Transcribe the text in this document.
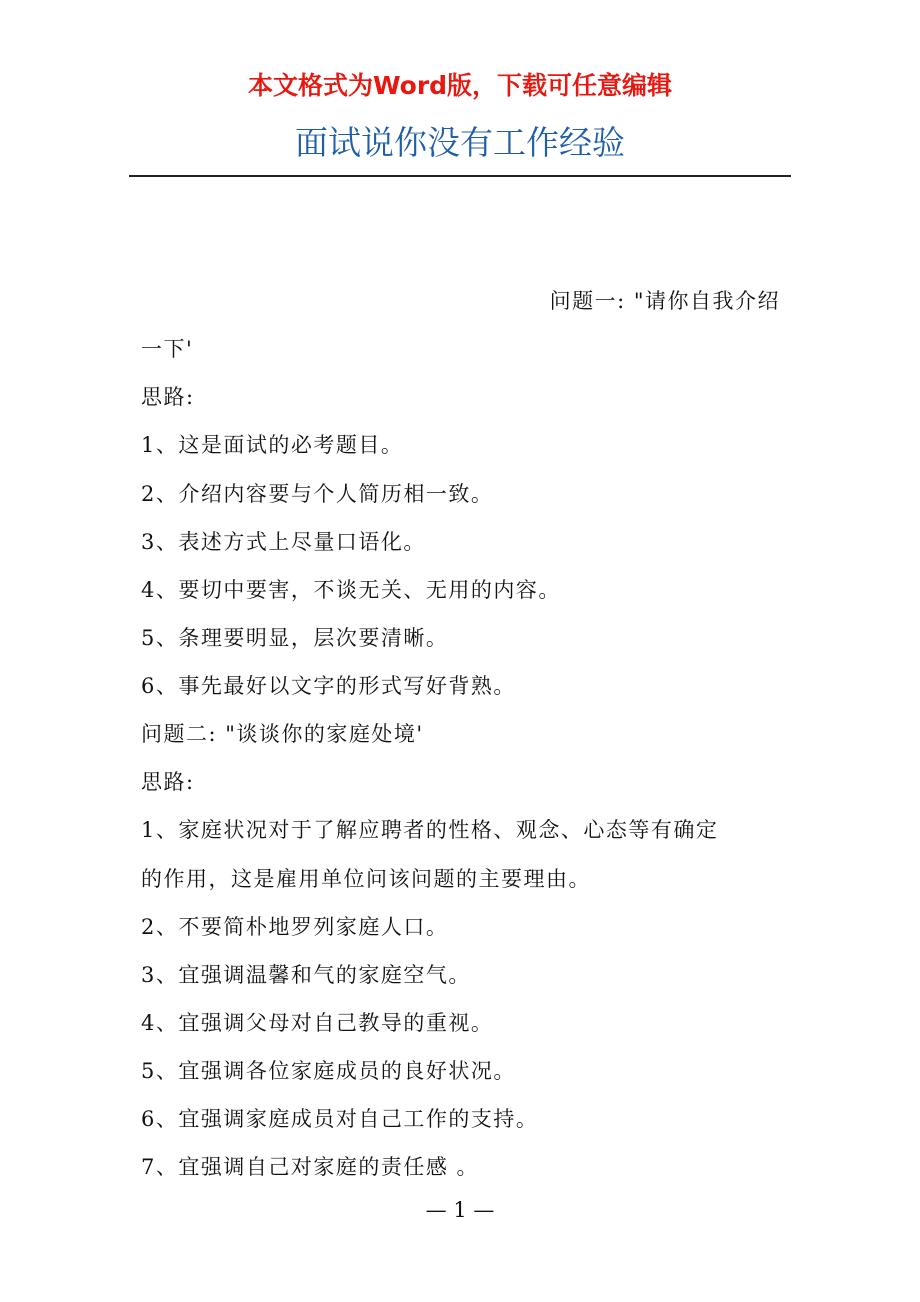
本文格式为Word版，下载可任意编辑
面试说你没有工作经验
问题一: "请你自我介绍
一下'
思路:
1、这是面试的必考题目。
2、介绍内容要与个人简历相一致。
3、表述方式上尽量口语化。
4、要切中要害，不谈无关、无用的内容。
5、条理要明显，层次要清晰。
6、事先最好以文字的形式写好背熟。
问题二: "谈谈你的家庭处境'
思路:
1、家庭状况对于了解应聘者的性格、观念、心态等有确定
的作用，这是雇用单位问该问题的主要理由。
2、不要简朴地罗列家庭人口。
3、宜强调温馨和气的家庭空气。
4、宜强调父母对自己教导的重视。
5、宜强调各位家庭成员的良好状况。
6、宜强调家庭成员对自己工作的支持。
7、宜强调自己对家庭的责任感 。
— 1 —
